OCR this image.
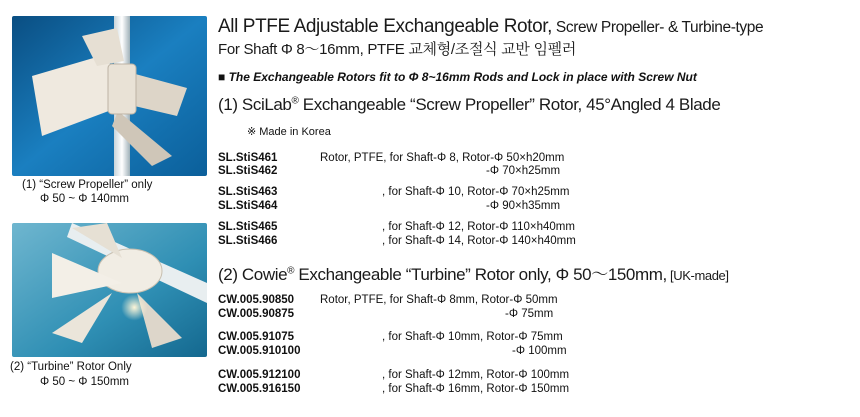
(1) “Screw Propeller” only
Φ 50 ~ Φ 140mm
(2) “Turbine” Rotor Only
Φ 50 ~ Φ 150mm
All PTFE Adjustable Exchangeable Rotor, Screw Propeller- & Turbine-type
For Shaft Φ 8～16mm, PTFE 교체형/조절식 교반 임펠러
■ The Exchangeable Rotors fit to Φ 8~16mm Rods and Lock in place with Screw Nut
(1) SciLab® Exchangeable “Screw Propeller” Rotor, 45°Angled 4 Blade
※ Made in Korea
SL.StiS461	Rotor, PTFE, for Shaft-Φ 8, Rotor-Φ 50×h20mm
SL.StiS462	-Φ 70×h25mm
SL.StiS463	, for Shaft-Φ 10, Rotor-Φ 70×h25mm
SL.StiS464	-Φ 90×h35mm
SL.StiS465	, for Shaft-Φ 12, Rotor-Φ 110×h40mm
SL.StiS466	, for Shaft-Φ 14, Rotor-Φ 140×h40mm
(2) Cowie® Exchangeable “Turbine” Rotor only, Φ 50～150mm, [UK-made]
CW.005.90850 Rotor, PTFE, for Shaft-Φ 8mm, Rotor-Φ 50mm
CW.005.90875	-Φ 75mm
CW.005.91075	, for Shaft-Φ 10mm, Rotor-Φ 75mm
CW.005.910100	-Φ 100mm
CW.005.912100	, for Shaft-Φ 12mm, Rotor-Φ 100mm
CW.005.916150	, for Shaft-Φ 16mm, Rotor-Φ 150mm
